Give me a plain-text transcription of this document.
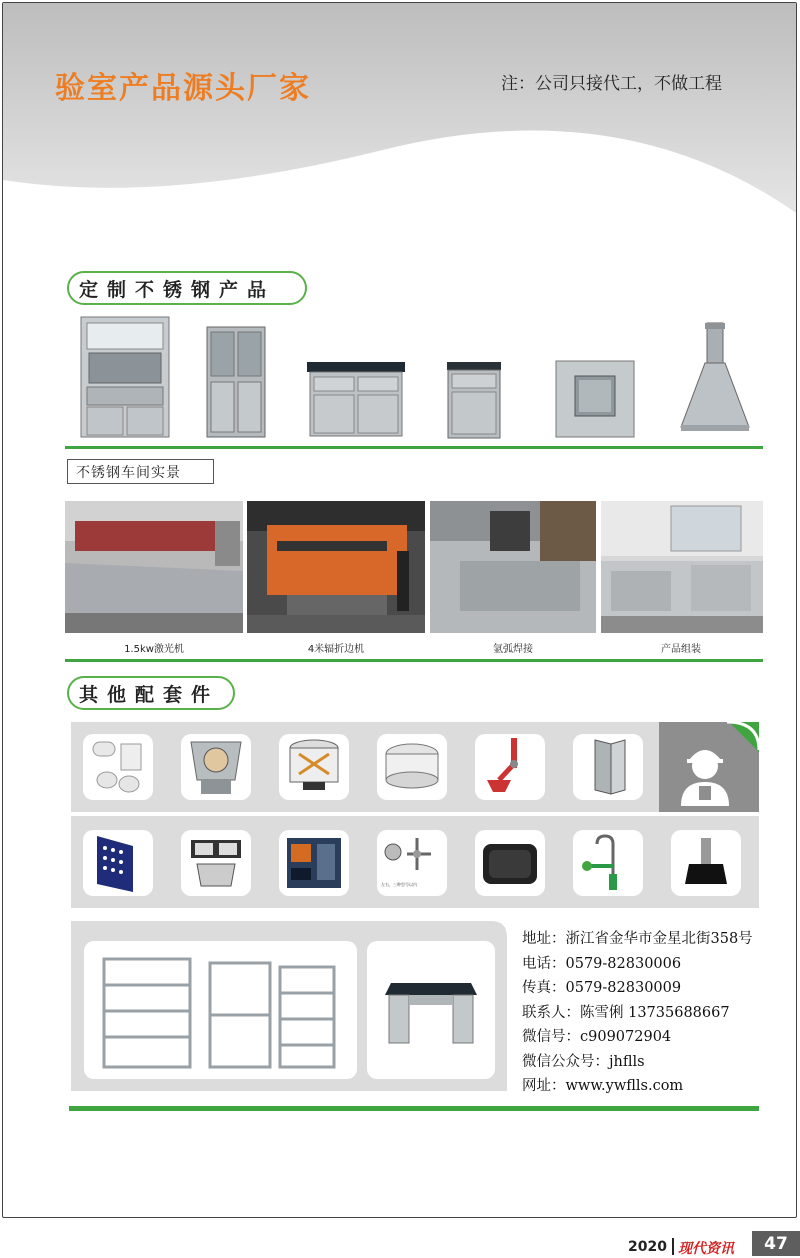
验室产品源头厂家	注：公司只接代工，不做工程
定制不锈钢产品
不锈钢车间实景
1.5kw激光机	4米辐折边机	氩弧焊接	产品组装
其他配套件
左右，三种型号以内
地址：浙江省金华市金星北街358号
电话：0579-82830006
传真：0579-82830009
联系人：陈雪俐 13735688667
微信号：c909072904
微信公众号：jhflls
网址：www.ywflls.com
2020 现代资讯	47
